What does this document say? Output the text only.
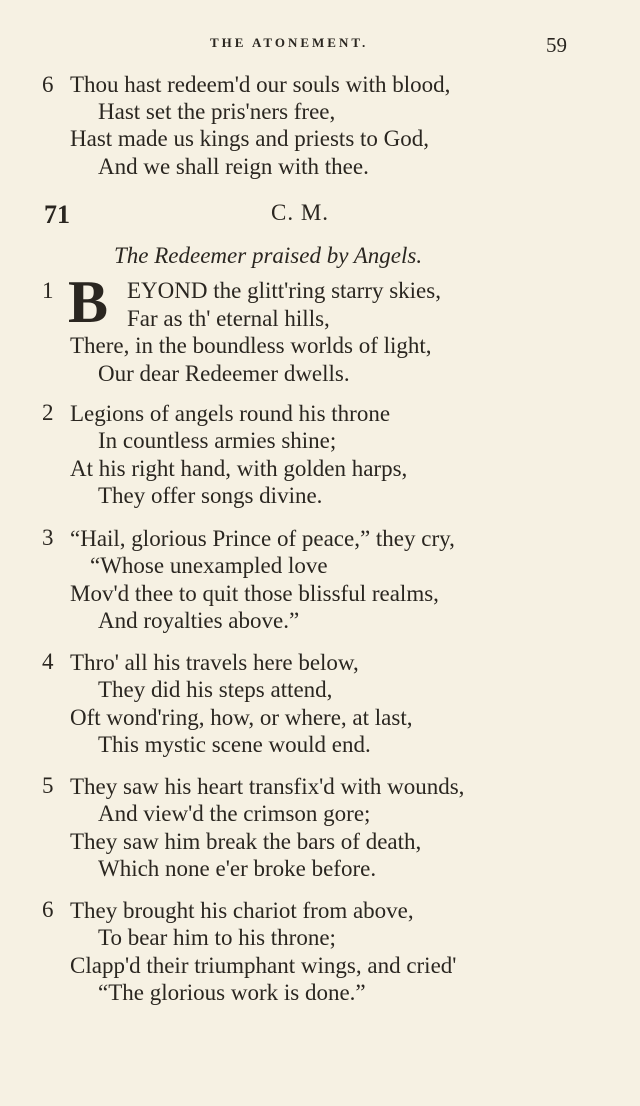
THE ATONEMENT.	59
6 Thou hast redeem'd our souls with blood,
Hast set the pris'ners free,
Hast made us kings and priests to God,
And we shall reign with thee.
71	C. M.
The Redeemer praised by Angels.
1 B EYOND the glitt'ring starry skies,
Far as th' eternal hills,
There, in the boundless worlds of light,
Our dear Redeemer dwells.
2 Legions of angels round his throne
In countless armies shine;
At his right hand, with golden harps,
They offer songs divine.
3 “Hail, glorious Prince of peace,” they cry,
“Whose unexampled love
Mov'd thee to quit those blissful realms,
And royalties above.”
4 Thro' all his travels here below,
They did his steps attend,
Oft wond'ring, how, or where, at last,
This mystic scene would end.
5 They saw his heart transfix'd with wounds,
And view'd the crimson gore;
They saw him break the bars of death,
Which none e'er broke before.
6 They brought his chariot from above,
To bear him to his throne;
Clapp'd their triumphant wings, and cried'
“The glorious work is done.”
